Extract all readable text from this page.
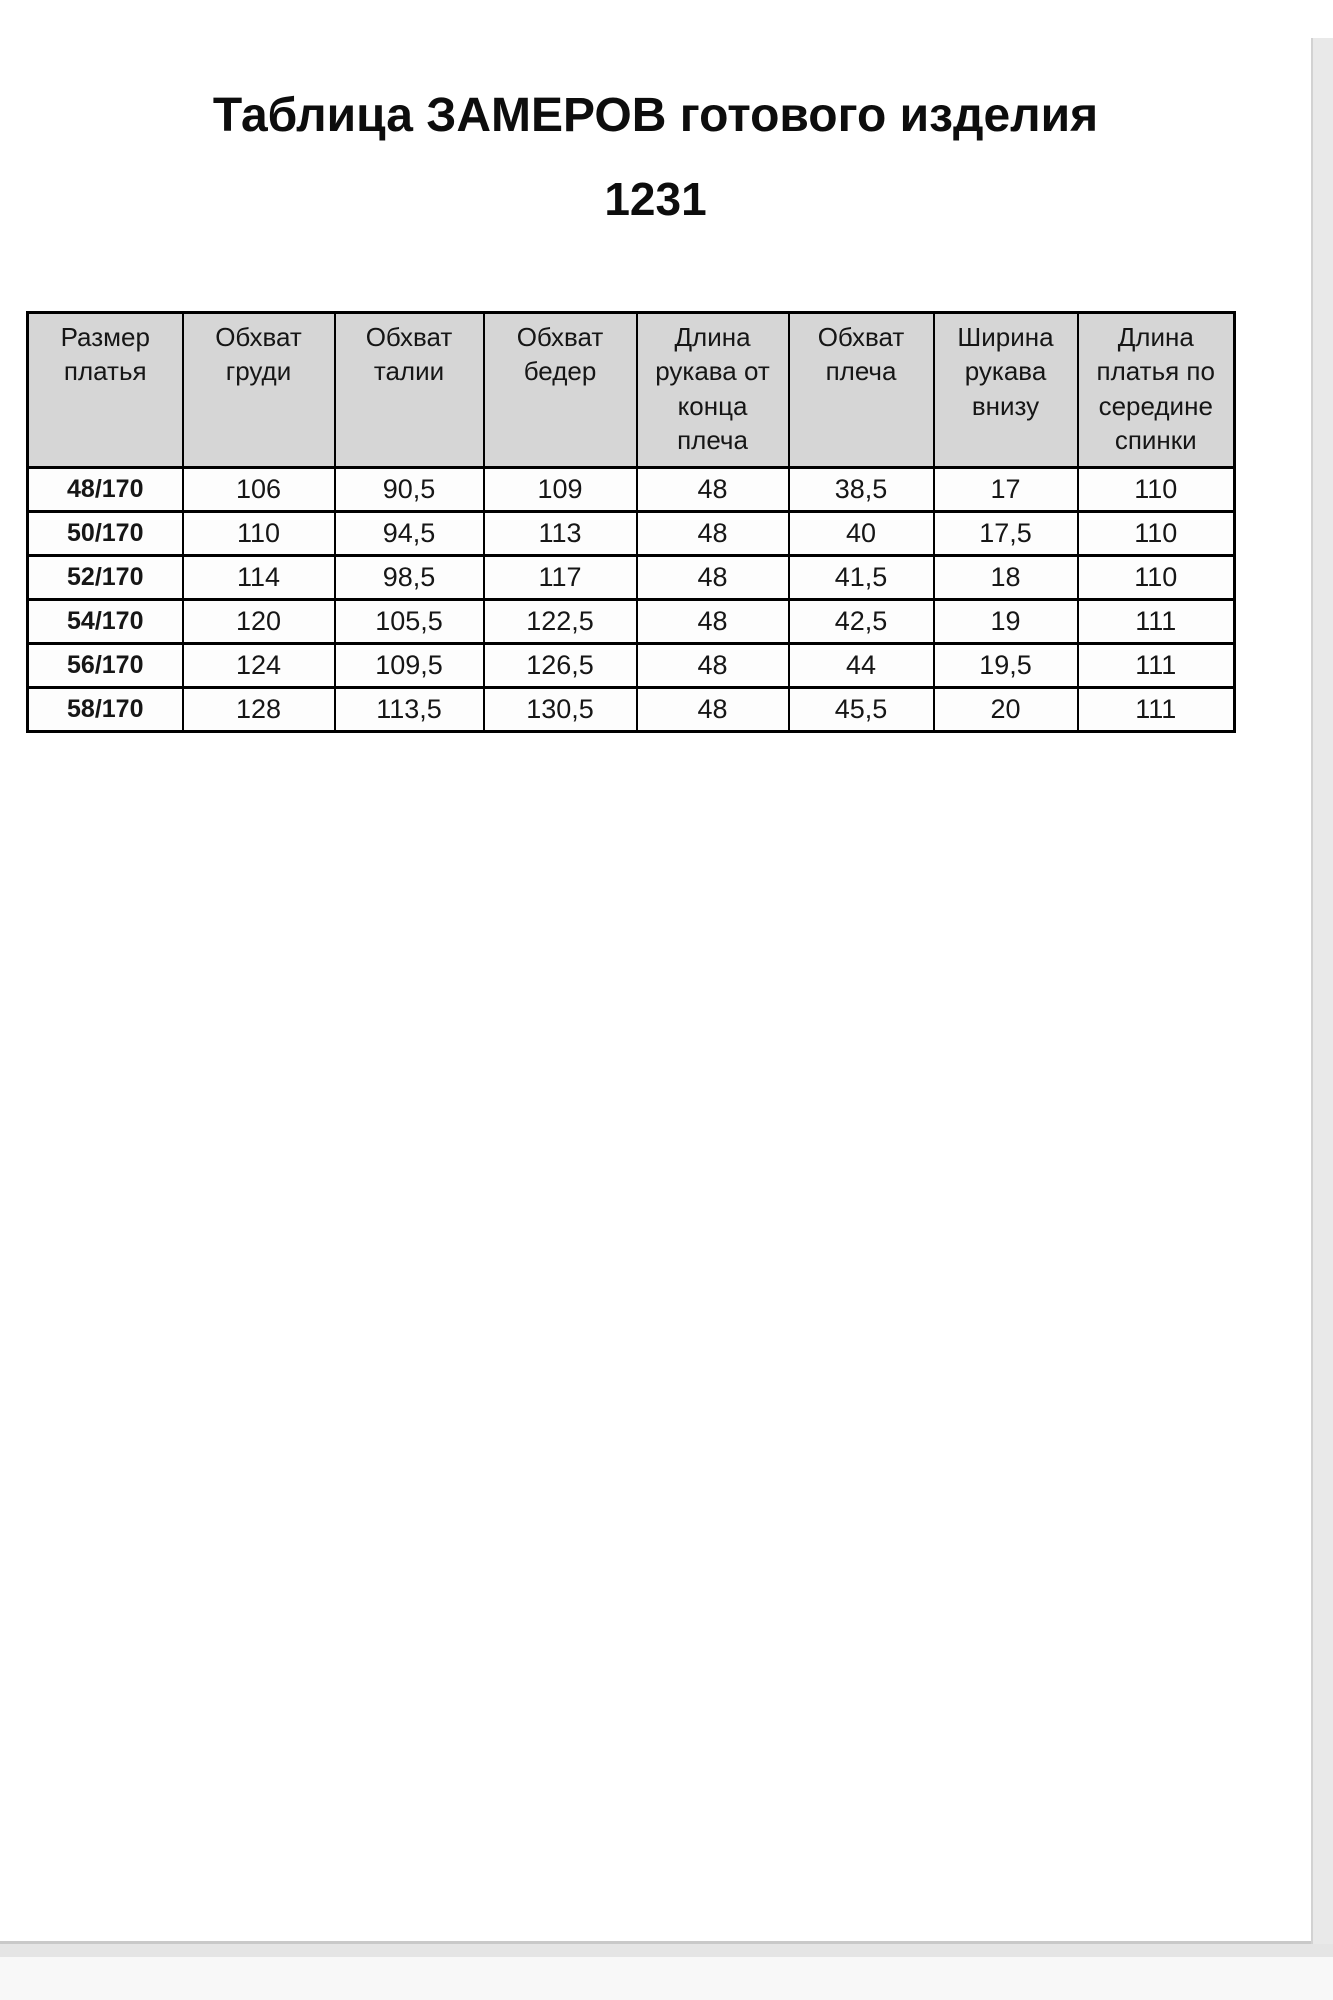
Таблица ЗАМЕРОВ готового изделия
1231
Размер платья	Обхват груди	Обхват талии	Обхват бедер	Длина рукава от конца плеча	Обхват плеча	Ширина рукава внизу	Длина платья по середине спинки
48/170	106	90,5	109	48	38,5	17	110
50/170	110	94,5	113	48	40	17,5	110
52/170	114	98,5	117	48	41,5	18	110
54/170	120	105,5	122,5	48	42,5	19	111
56/170	124	109,5	126,5	48	44	19,5	111
58/170	128	113,5	130,5	48	45,5	20	111
